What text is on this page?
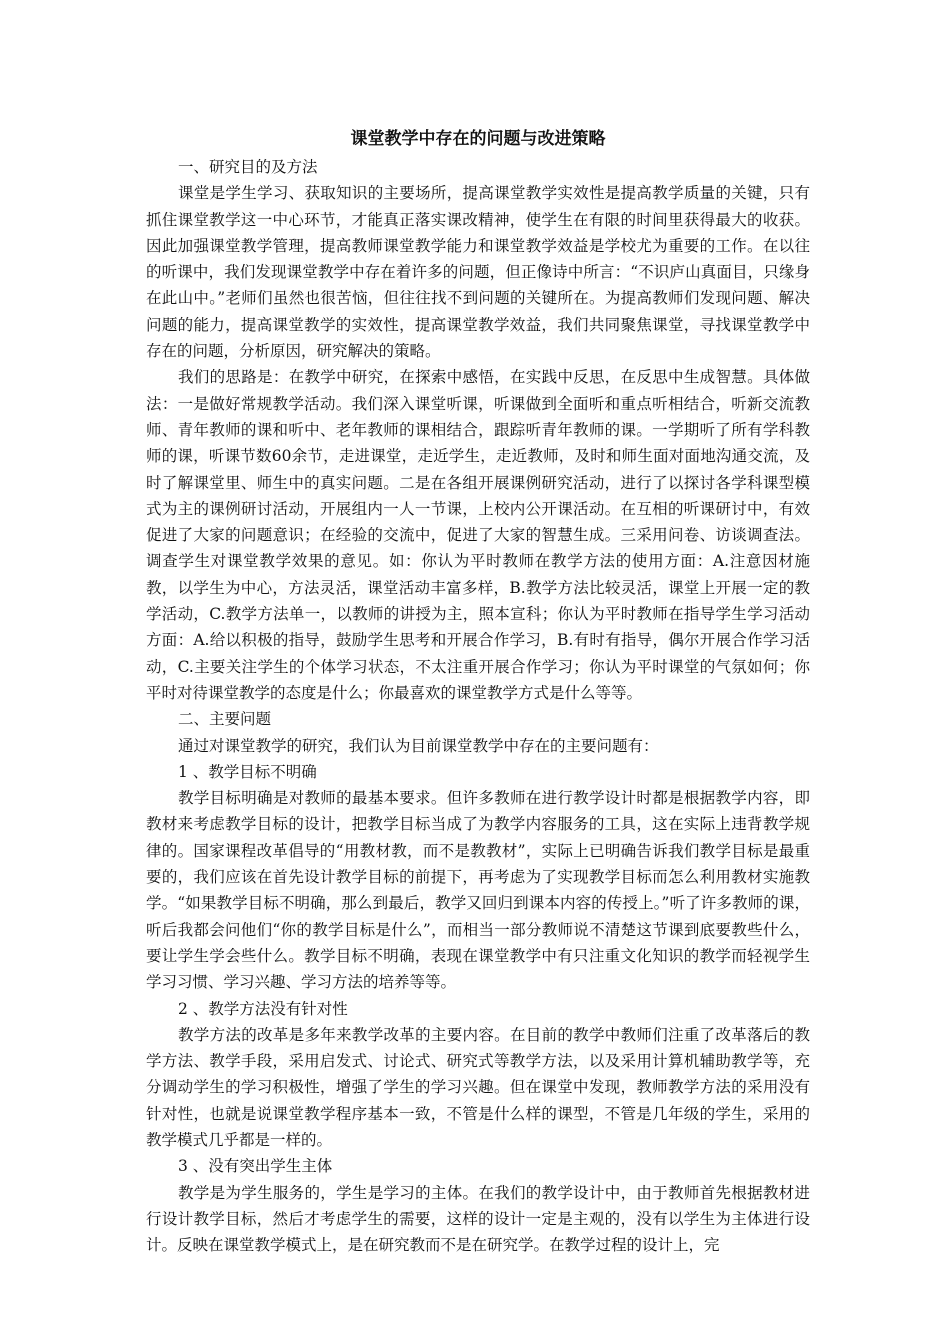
课堂教学中存在的问题与改进策略

一、研究目的及方法

课堂是学生学习、获取知识的主要场所，提高课堂教学实效性是提高教学质量的关键，只有抓住课堂教学这一中心环节，才能真正落实课改精神，使学生在有限的时间里获得最大的收获。因此加强课堂教学管理，提高教师课堂教学能力和课堂教学效益是学校尤为重要的工作。在以往的听课中，我们发现课堂教学中存在着许多的问题，但正像诗中所言：“不识庐山真面目，只缘身在此山中。”老师们虽然也很苦恼，但往往找不到问题的关键所在。为提高教师们发现问题、解决问题的能力，提高课堂教学的实效性，提高课堂教学效益，我们共同聚焦课堂，寻找课堂教学中存在的问题，分析原因，研究解决的策略。

我们的思路是：在教学中研究，在探索中感悟，在实践中反思，在反思中生成智慧。具体做法：一是做好常规教学活动。我们深入课堂听课，听课做到全面听和重点听相结合，听新交流教师、青年教师的课和听中、老年教师的课相结合，跟踪听青年教师的课。一学期听了所有学科教师的课，听课节数60余节，走进课堂，走近学生，走近教师，及时和师生面对面地沟通交流，及时了解课堂里、师生中的真实问题。二是在各组开展课例研究活动，进行了以探讨各学科课型模式为主的课例研讨活动，开展组内一人一节课，上校内公开课活动。在互相的听课研讨中，有效促进了大家的问题意识；在经验的交流中，促进了大家的智慧生成。三采用问卷、访谈调查法。调查学生对课堂教学效果的意见。如：你认为平时教师在教学方法的使用方面：A.注意因材施教，以学生为中心，方法灵活，课堂活动丰富多样，B.教学方法比较灵活，课堂上开展一定的教学活动，C.教学方法单一，以教师的讲授为主，照本宣科；你认为平时教师在指导学生学习活动方面：A.给以积极的指导，鼓励学生思考和开展合作学习，B.有时有指导，偶尔开展合作学习活动，C.主要关注学生的个体学习状态，不太注重开展合作学习；你认为平时课堂的气氛如何；你平时对待课堂教学的态度是什么；你最喜欢的课堂教学方式是什么等等。

二、主要问题

通过对课堂教学的研究，我们认为目前课堂教学中存在的主要问题有：

1 、教学目标不明确

教学目标明确是对教师的最基本要求。但许多教师在进行教学设计时都是根据教学内容，即教材来考虑教学目标的设计，把教学目标当成了为教学内容服务的工具，这在实际上违背教学规律的。国家课程改革倡导的“用教材教，而不是教教材”，实际上已明确告诉我们教学目标是最重要的，我们应该在首先设计教学目标的前提下，再考虑为了实现教学目标而怎么利用教材实施教学。“如果教学目标不明确，那么到最后，教学又回归到课本内容的传授上。”听了许多教师的课，听后我都会问他们“你的教学目标是什么”，而相当一部分教师说不清楚这节课到底要教些什么，要让学生学会些什么。教学目标不明确，表现在课堂教学中有只注重文化知识的教学而轻视学生学习习惯、学习兴趣、学习方法的培养等等。

2 、教学方法没有针对性

教学方法的改革是多年来教学改革的主要内容。在目前的教学中教师们注重了改革落后的教学方法、教学手段，采用启发式、讨论式、研究式等教学方法，以及采用计算机辅助教学等，充分调动学生的学习积极性，增强了学生的学习兴趣。但在课堂中发现，教师教学方法的采用没有针对性，也就是说课堂教学程序基本一致，不管是什么样的课型，不管是几年级的学生，采用的教学模式几乎都是一样的。

3 、没有突出学生主体

教学是为学生服务的，学生是学习的主体。在我们的教学设计中，由于教师首先根据教材进行设计教学目标，然后才考虑学生的需要，这样的设计一定是主观的，没有以学生为主体进行设计。反映在课堂教学模式上，是在研究教而不是在研究学。在教学过程的设计上，完
